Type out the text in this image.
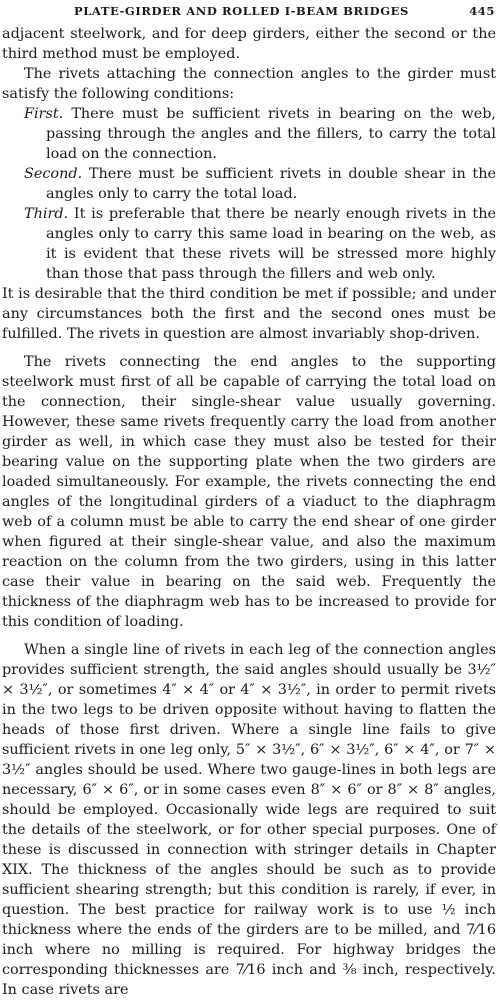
PLATE-GIRDER AND ROLLED I-BEAM BRIDGES	445

adjacent steelwork, and for deep girders, either the second or the third method must be employed.

The rivets attaching the connection angles to the girder must satisfy the following conditions:

First. There must be sufficient rivets in bearing on the web, passing through the angles and the fillers, to carry the total load on the connection.

Second. There must be sufficient rivets in double shear in the angles only to carry the total load.

Third. It is preferable that there be nearly enough rivets in the angles only to carry this same load in bearing on the web, as it is evident that these rivets will be stressed more highly than those that pass through the fillers and web only.

It is desirable that the third condition be met if possible; and under any circumstances both the first and the second ones must be fulfilled. The rivets in question are almost invariably shop-driven.

The rivets connecting the end angles to the supporting steelwork must first of all be capable of carrying the total load on the connection, their single-shear value usually governing. However, these same rivets frequently carry the load from another girder as well, in which case they must also be tested for their bearing value on the supporting plate when the two girders are loaded simultaneously. For example, the rivets connecting the end angles of the longitudinal girders of a viaduct to the diaphragm web of a column must be able to carry the end shear of one girder when figured at their single-shear value, and also the maximum reaction on the column from the two girders, using in this latter case their value in bearing on the said web. Frequently the thickness of the diaphragm web has to be increased to provide for this condition of loading.

When a single line of rivets in each leg of the connection angles provides sufficient strength, the said angles should usually be 3½″ × 3½″, or sometimes 4″ × 4″ or 4″ × 3½″, in order to permit rivets in the two legs to be driven opposite without having to flatten the heads of those first driven. Where a single line fails to give sufficient rivets in one leg only, 5″ × 3½″, 6″ × 3½″, 6″ × 4″, or 7″ × 3½″ angles should be used. Where two gauge-lines in both legs are necessary, 6″ × 6″, or in some cases even 8″ × 6″ or 8″ × 8″ angles, should be employed. Occasionally wide legs are required to suit the details of the steelwork, or for other special purposes. One of these is discussed in connection with stringer details in Chapter XIX. The thickness of the angles should be such as to provide sufficient shearing strength; but this condition is rarely, if ever, in question. The best practice for railway work is to use ½ inch thickness where the ends of the girders are to be milled, and 7⁄16 inch where no milling is required. For highway bridges the corresponding thicknesses are 7⁄16 inch and ⅜ inch, respectively. In case rivets are
